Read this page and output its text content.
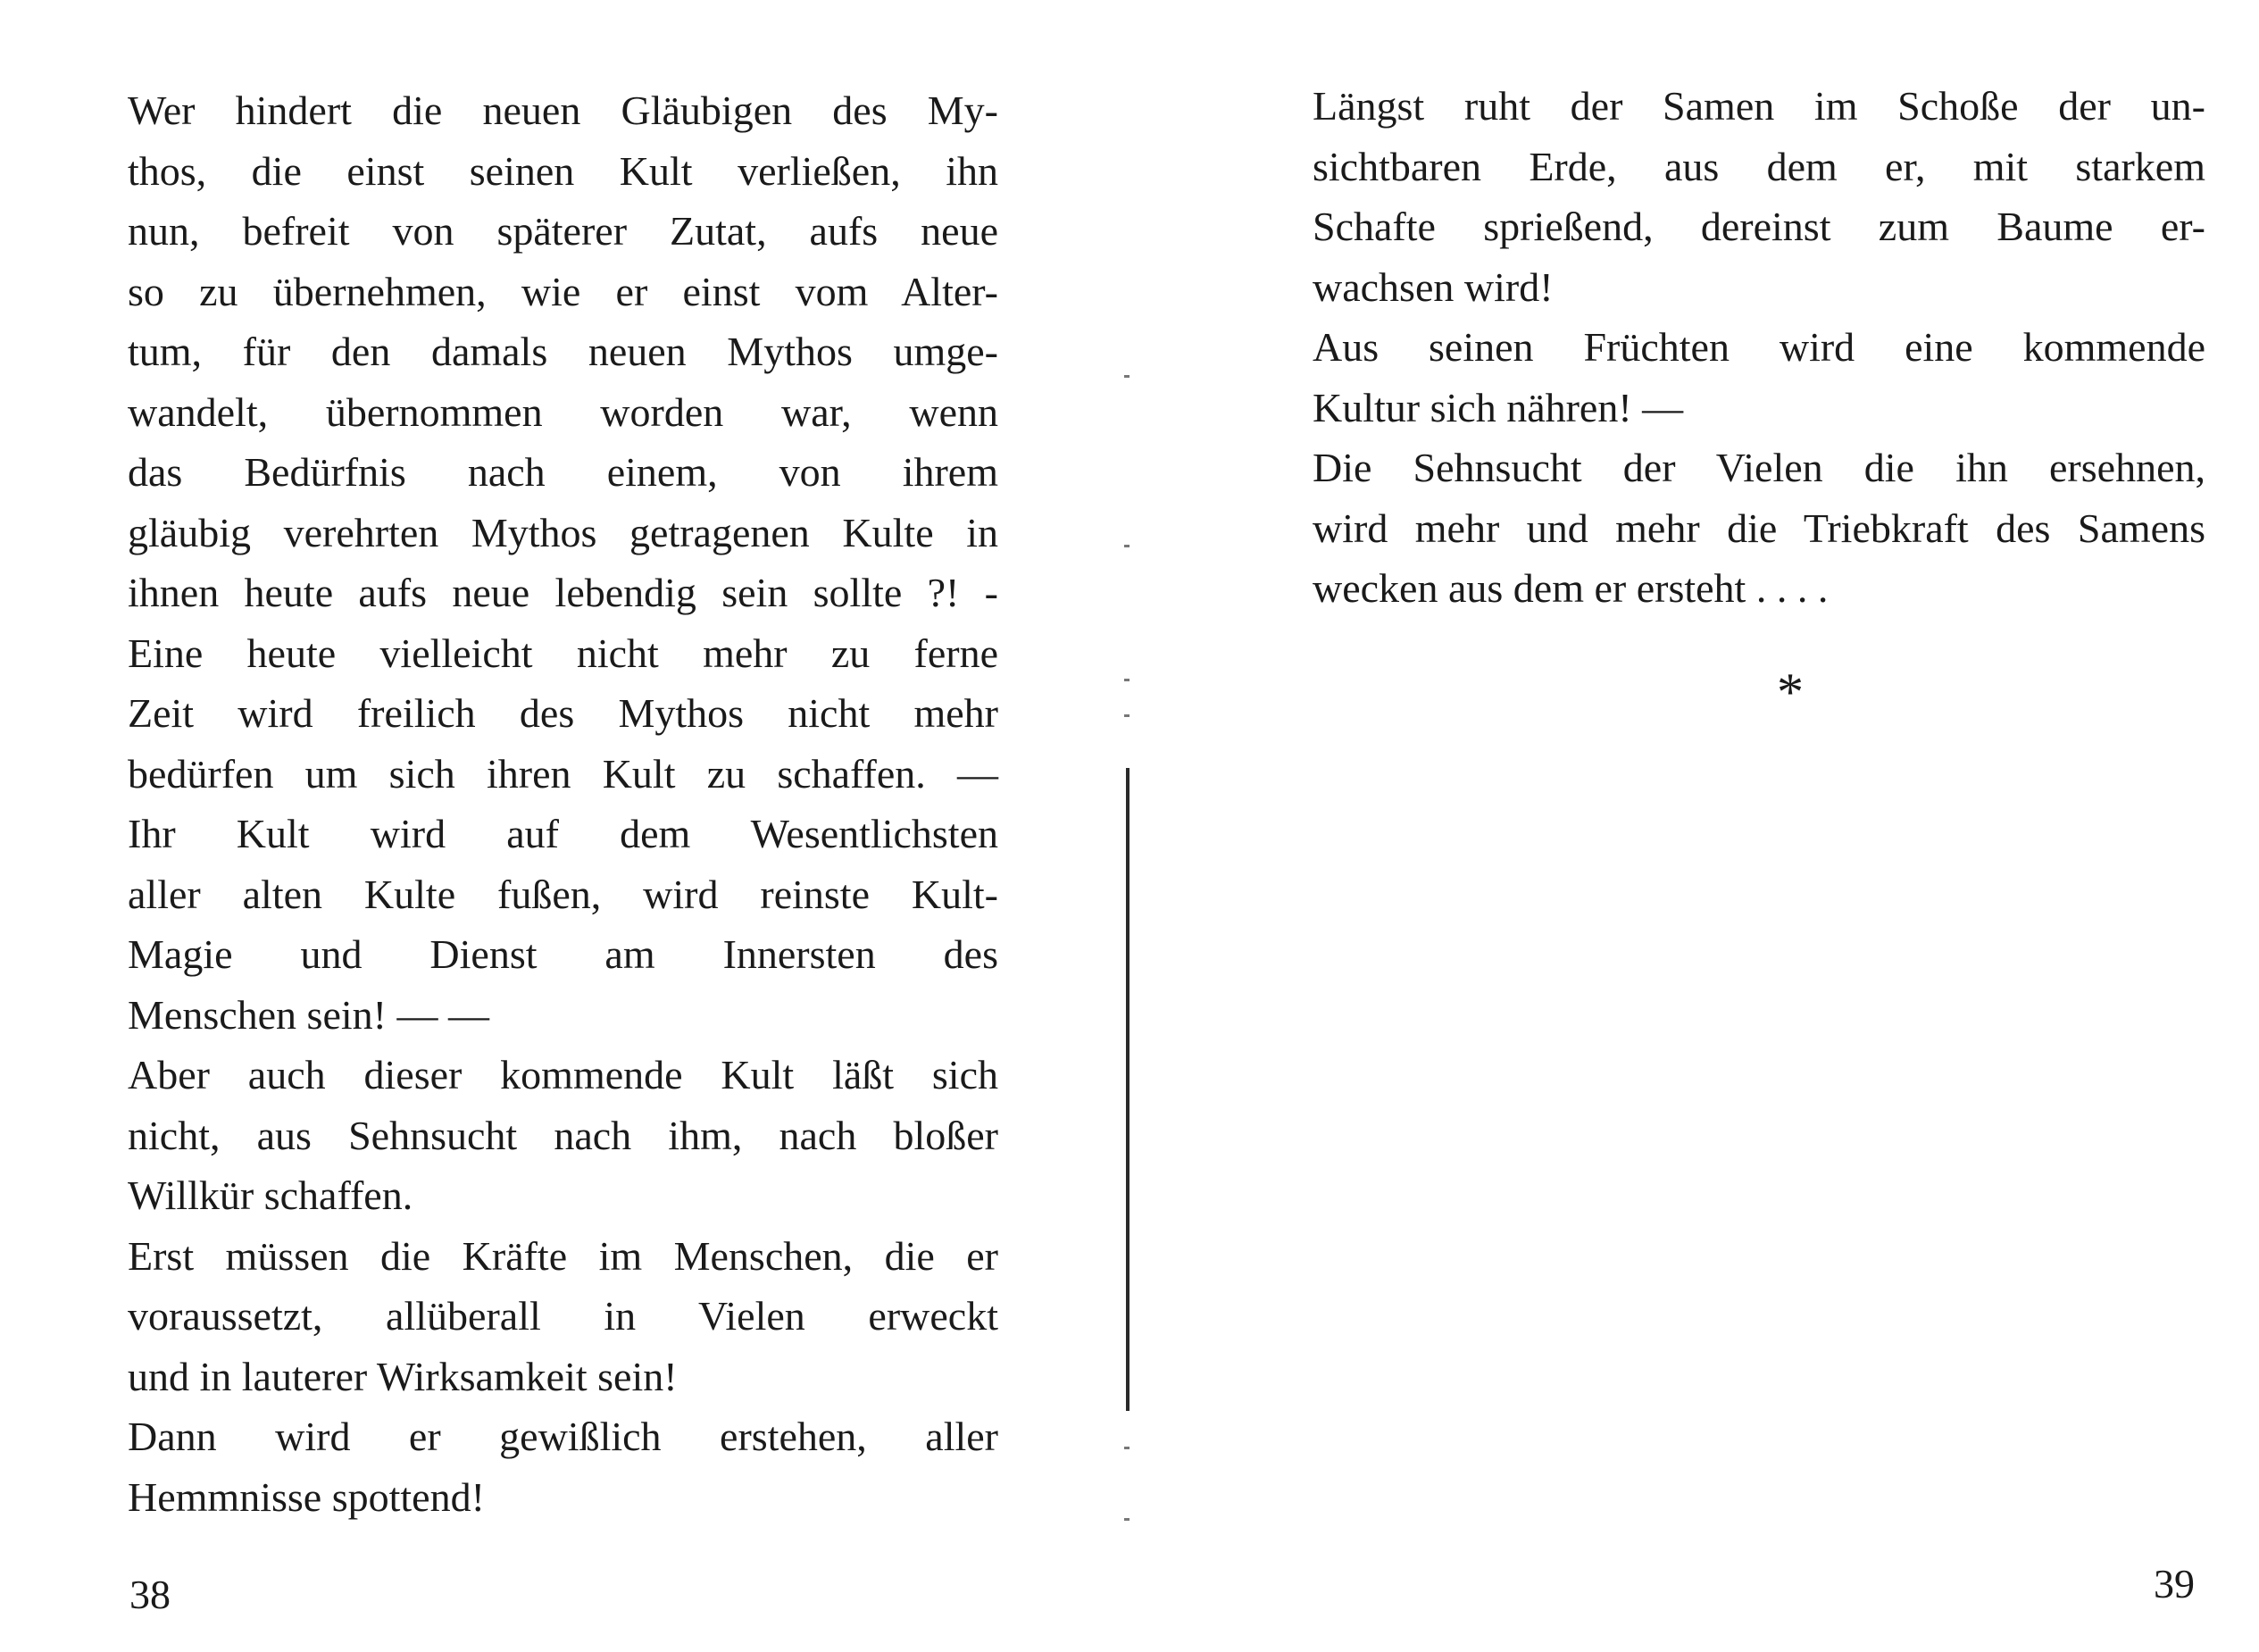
Wer hindert die neuen Gläubigen des My-
thos, die einst seinen Kult verließen, ihn
nun, befreit von späterer Zutat, aufs neue
so zu übernehmen, wie er einst vom Alter-
tum, für den damals neuen Mythos umge-
wandelt, übernommen worden war, wenn
das Bedürfnis nach einem, von ihrem
gläubig verehrten Mythos getragenen Kulte in
ihnen heute aufs neue lebendig sein sollte ?! -
Eine heute vielleicht nicht mehr zu ferne
Zeit wird freilich des Mythos nicht mehr
bedürfen um sich ihren Kult zu schaffen. —
Ihr Kult wird auf dem Wesentlichsten
aller alten Kulte fußen, wird reinste Kult-
Magie und Dienst am Innersten des
Menschen sein! — —
Aber auch dieser kommende Kult läßt sich
nicht, aus Sehnsucht nach ihm, nach bloßer
Willkür schaffen.
Erst müssen die Kräfte im Menschen, die er
voraussetzt, allüberall in Vielen erweckt
und in lauterer Wirksamkeit sein!
Dann wird er gewißlich erstehen, aller
Hemmnisse spottend!
38
Längst ruht der Samen im Schoße der un-
sichtbaren Erde, aus dem er, mit starkem
Schafte sprießend, dereinst zum Baume er-
wachsen wird!
Aus seinen Früchten wird eine kommende
Kultur sich nähren! —
Die Sehnsucht der Vielen die ihn ersehnen,
wird mehr und mehr die Triebkraft des Samens
wecken aus dem er ersteht . . . .
*
39
